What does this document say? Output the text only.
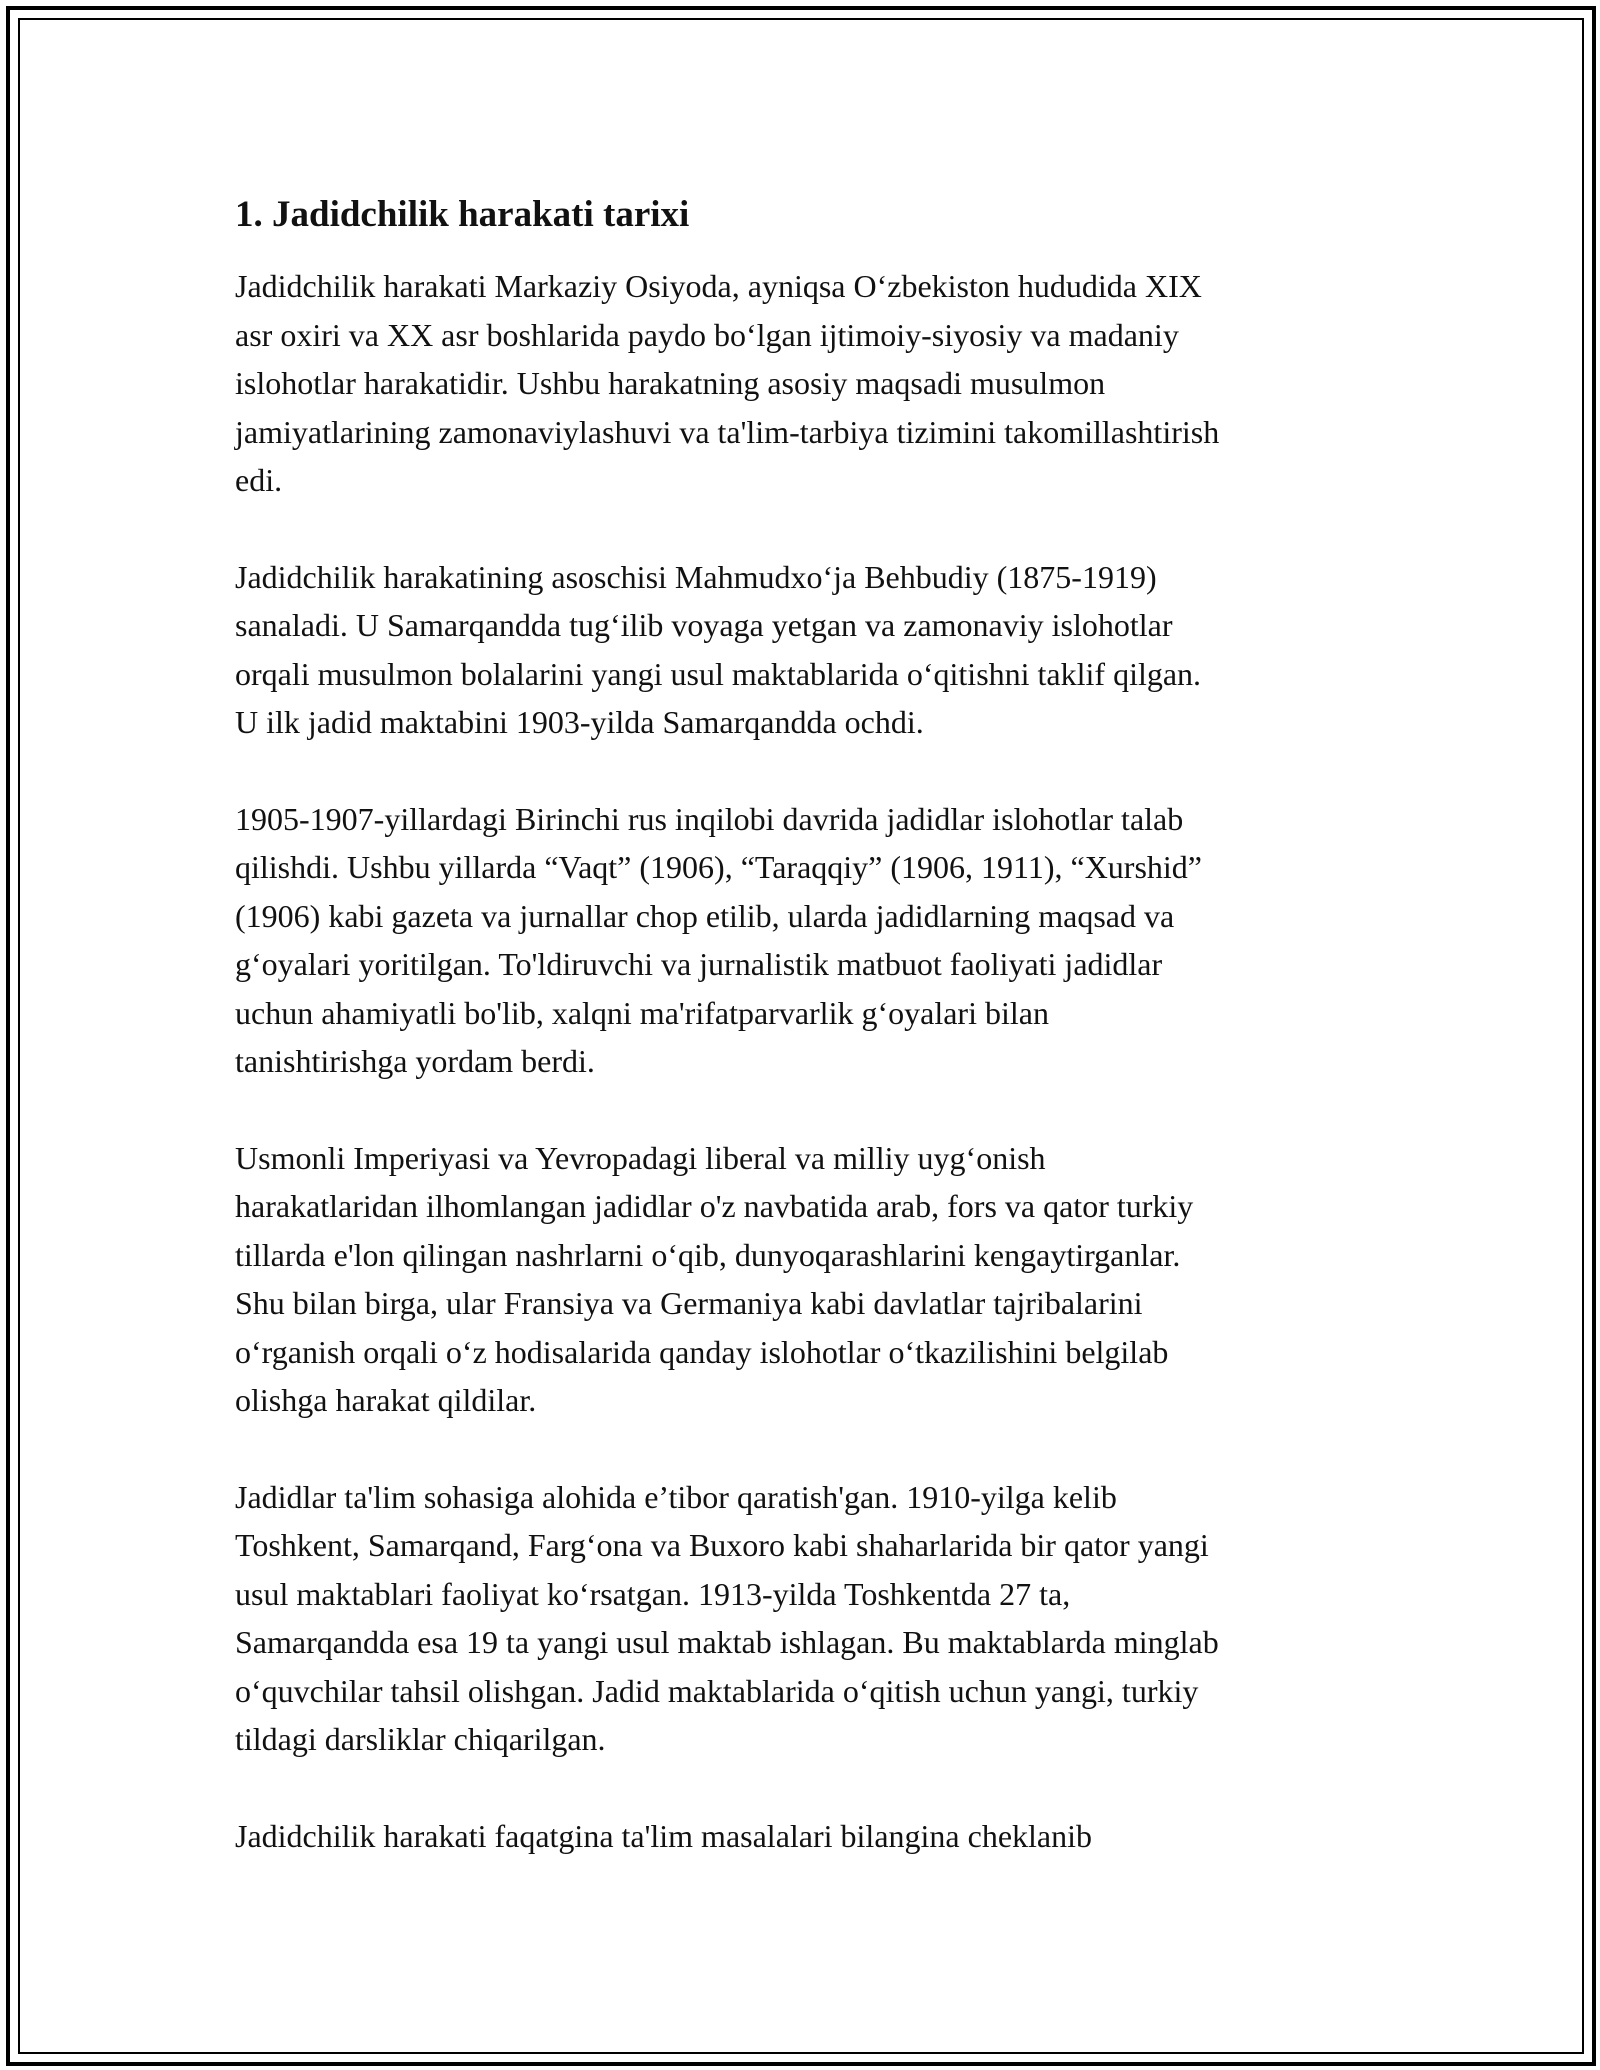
1. Jadidchilik harakati tarixi

Jadidchilik harakati Markaziy Osiyoda, ayniqsa O‘zbekiston hududida XIX
asr oxiri va XX asr boshlarida paydo bo‘lgan ijtimoiy-siyosiy va madaniy
islohotlar harakatidir. Ushbu harakatning asosiy maqsadi musulmon
jamiyatlarining zamonaviylashuvi va ta'lim-tarbiya tizimini takomillashtirish
edi.

Jadidchilik harakatining asoschisi Mahmudxo‘ja Behbudiy (1875-1919)
sanaladi. U Samarqandda tug‘ilib voyaga yetgan va zamonaviy islohotlar
orqali musulmon bolalarini yangi usul maktablarida o‘qitishni taklif qilgan.
U ilk jadid maktabini 1903-yilda Samarqandda ochdi.

1905-1907-yillardagi Birinchi rus inqilobi davrida jadidlar islohotlar talab
qilishdi. Ushbu yillarda “Vaqt” (1906), “Taraqqiy” (1906, 1911), “Xurshid”
(1906) kabi gazeta va jurnallar chop etilib, ularda jadidlarning maqsad va
g‘oyalari yoritilgan. To'ldiruvchi va jurnalistik matbuot faoliyati jadidlar
uchun ahamiyatli bo'lib, xalqni ma'rifatparvarlik g‘oyalari bilan
tanishtirishga yordam berdi.

Usmonli Imperiyasi va Yevropadagi liberal va milliy uyg‘onish
harakatlaridan ilhomlangan jadidlar o'z navbatida arab, fors va qator turkiy
tillarda e'lon qilingan nashrlarni o‘qib, dunyoqarashlarini kengaytirganlar.
Shu bilan birga, ular Fransiya va Germaniya kabi davlatlar tajribalarini
o‘rganish orqali o‘z hodisalarida qanday islohotlar o‘tkazilishini belgilab
olishga harakat qildilar.

Jadidlar ta'lim sohasiga alohida e’tibor qaratish'gan. 1910-yilga kelib
Toshkent, Samarqand, Farg‘ona va Buxoro kabi shaharlarida bir qator yangi
usul maktablari faoliyat ko‘rsatgan. 1913-yilda Toshkentda 27 ta,
Samarqandda esa 19 ta yangi usul maktab ishlagan. Bu maktablarda minglab
o‘quvchilar tahsil olishgan. Jadid maktablarida o‘qitish uchun yangi, turkiy
tildagi darsliklar chiqarilgan.

Jadidchilik harakati faqatgina ta'lim masalalari bilangina cheklanib
